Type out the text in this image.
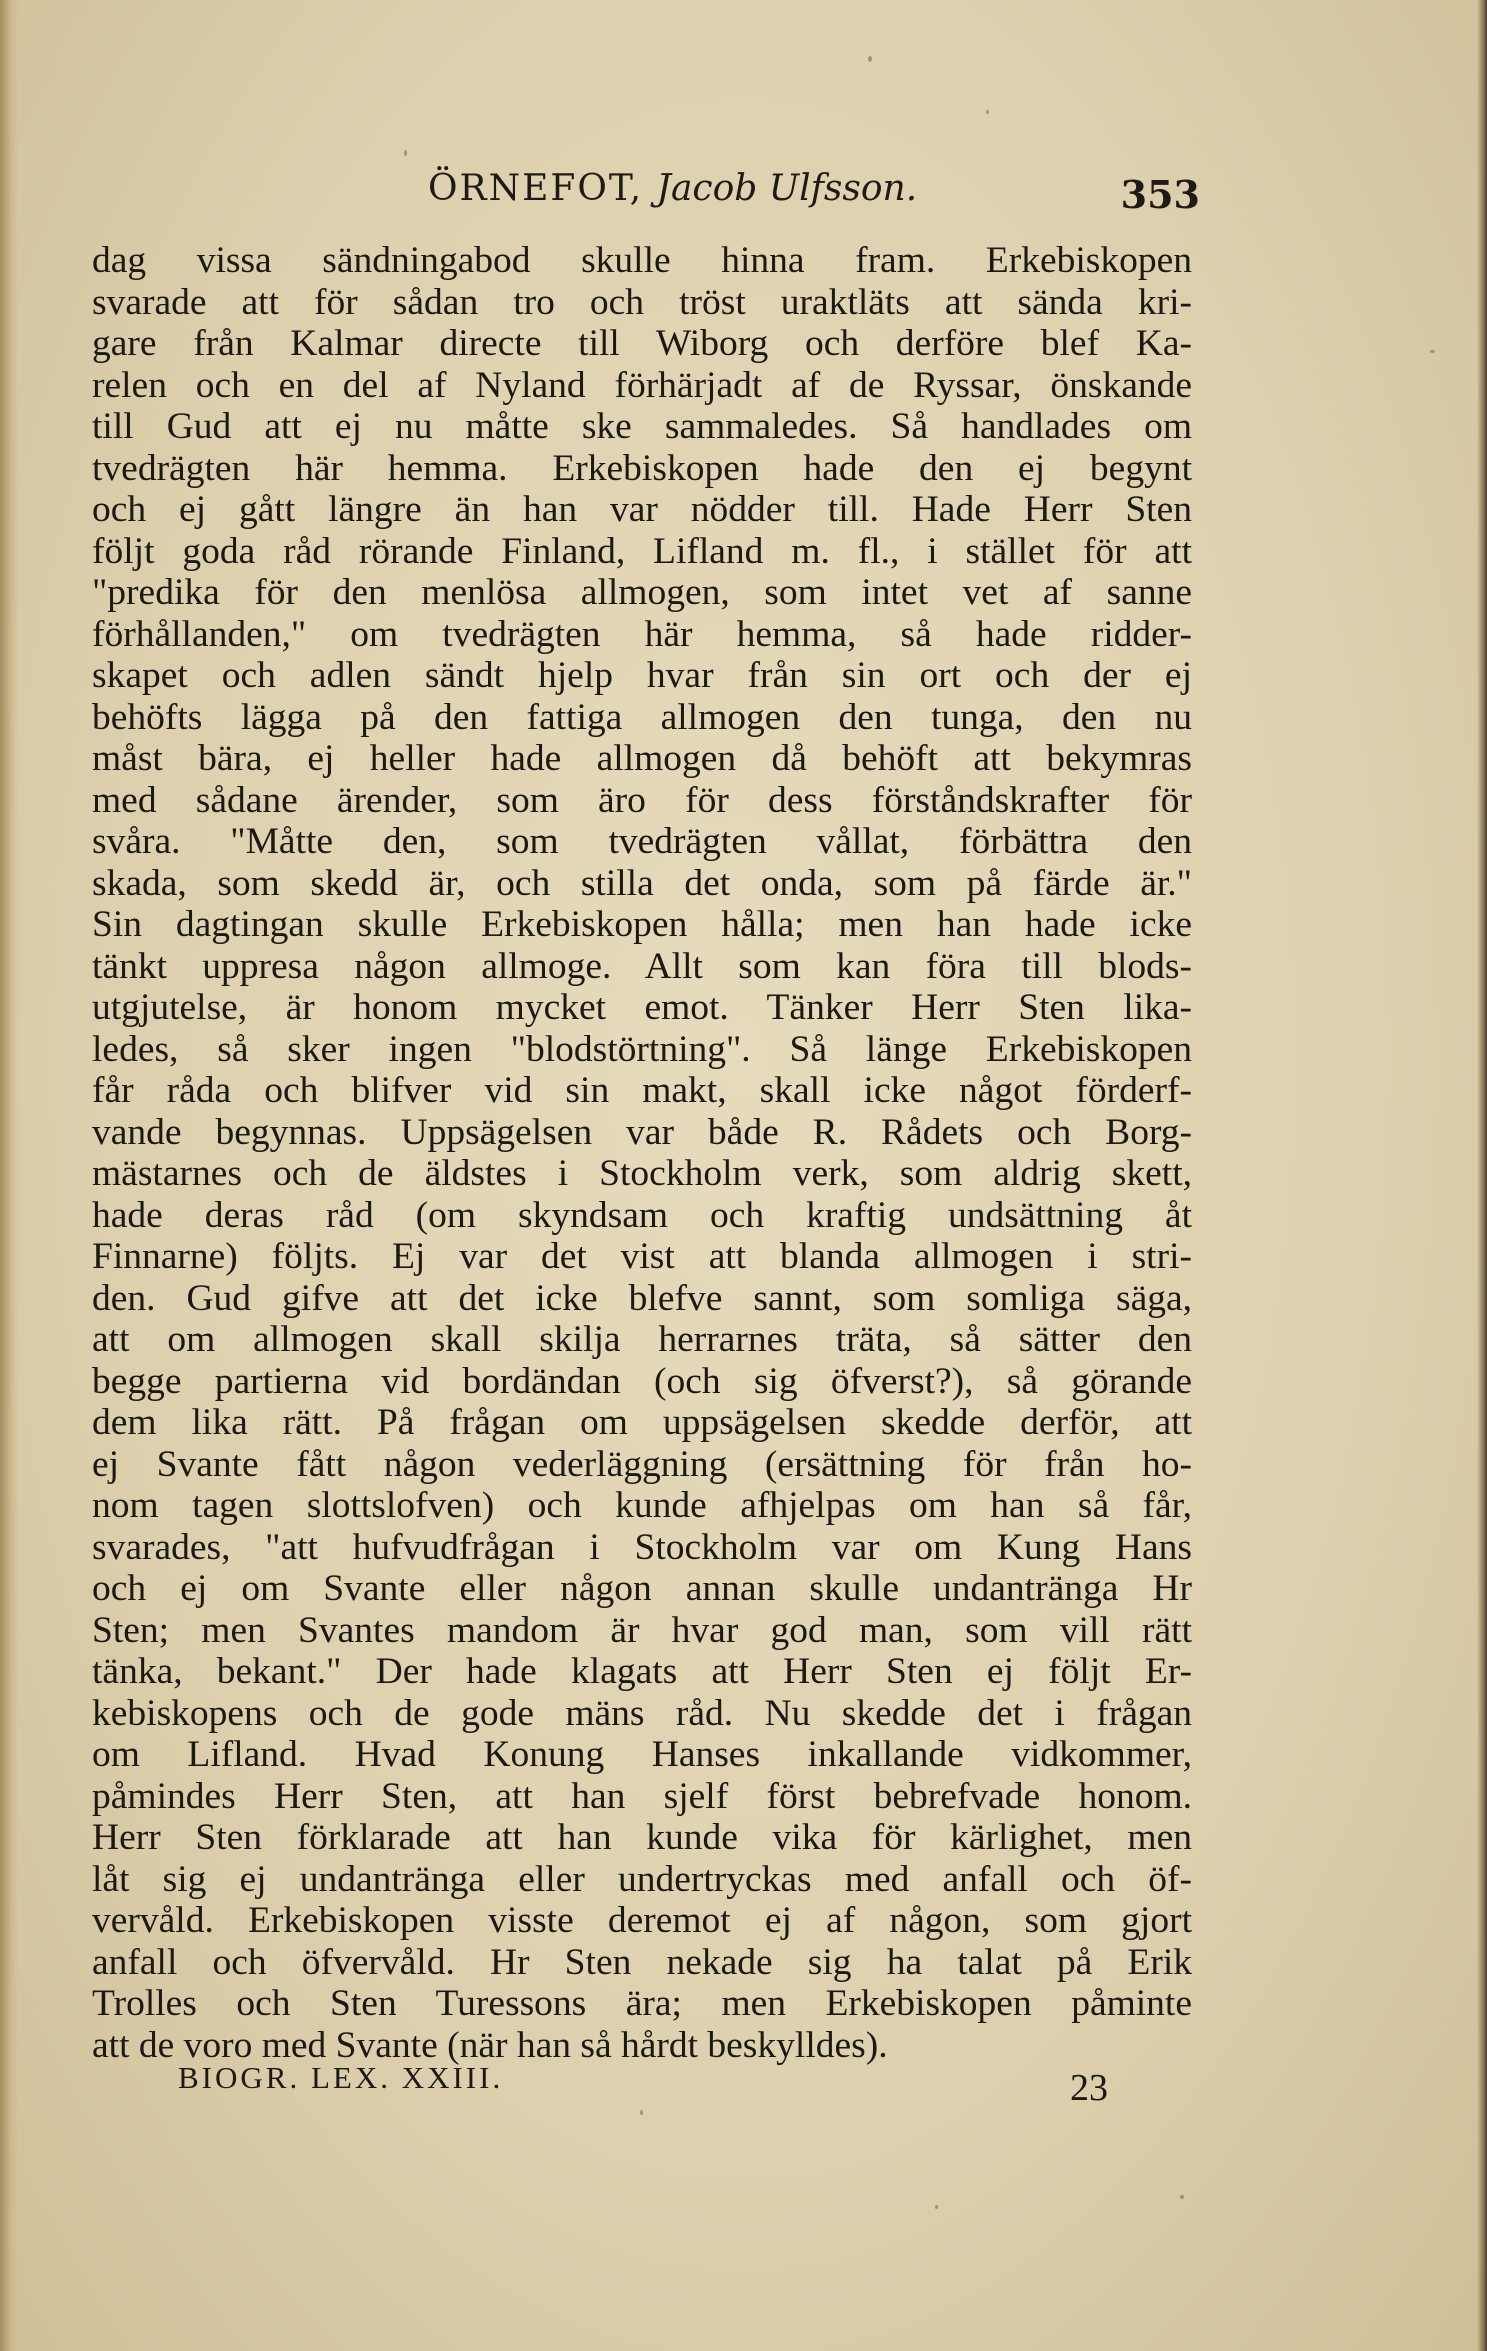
ÖRNEFOT, Jacob Ulfsson.	353
dag vissa sändningabod skulle hinna fram. Erkebiskopen
svarade att för sådan tro och tröst uraktläts att sända kri-
gare från Kalmar directe till Wiborg och derföre blef Ka-
relen och en del af Nyland förhärjadt af de Ryssar, önskande
till Gud att ej nu måtte ske sammaledes. Så handlades om
tvedrägten här hemma. Erkebiskopen hade den ej begynt
och ej gått längre än han var nödder till. Hade Herr Sten
följt goda råd rörande Finland, Lifland m. fl., i stället för att
"predika för den menlösa allmogen, som intet vet af sanne
förhållanden," om tvedrägten här hemma, så hade ridder-
skapet och adlen sändt hjelp hvar från sin ort och der ej
behöfts lägga på den fattiga allmogen den tunga, den nu
måst bära, ej heller hade allmogen då behöft att bekymras
med sådane ärender, som äro för dess förståndskrafter för
svåra. "Måtte den, som tvedrägten vållat, förbättra den
skada, som skedd är, och stilla det onda, som på färde är."
Sin dagtingan skulle Erkebiskopen hålla; men han hade icke
tänkt uppresa någon allmoge. Allt som kan föra till blods-
utgjutelse, är honom mycket emot. Tänker Herr Sten lika-
ledes, så sker ingen "blodstörtning". Så länge Erkebiskopen
får råda och blifver vid sin makt, skall icke något förderf-
vande begynnas. Uppsägelsen var både R. Rådets och Borg-
mästarnes och de äldstes i Stockholm verk, som aldrig skett,
hade deras råd (om skyndsam och kraftig undsättning åt
Finnarne) följts. Ej var det vist att blanda allmogen i stri-
den. Gud gifve att det icke blefve sannt, som somliga säga,
att om allmogen skall skilja herrarnes träta, så sätter den
begge partierna vid bordändan (och sig öfverst?), så görande
dem lika rätt. På frågan om uppsägelsen skedde derför, att
ej Svante fått någon vederläggning (ersättning för från ho-
nom tagen slottslofven) och kunde afhjelpas om han så får,
svarades, "att hufvudfrågan i Stockholm var om Kung Hans
och ej om Svante eller någon annan skulle undantränga Hr
Sten; men Svantes mandom är hvar god man, som vill rätt
tänka, bekant." Der hade klagats att Herr Sten ej följt Er-
kebiskopens och de gode mäns råd. Nu skedde det i frågan
om Lifland. Hvad Konung Hanses inkallande vidkommer,
påmindes Herr Sten, att han sjelf först bebrefvade honom.
Herr Sten förklarade att han kunde vika för kärlighet, men
låt sig ej undantränga eller undertryckas med anfall och öf-
vervåld. Erkebiskopen visste deremot ej af någon, som gjort
anfall och öfvervåld. Hr Sten nekade sig ha talat på Erik
Trolles och Sten Turessons ära; men Erkebiskopen påminte
att de voro med Svante (när han så hårdt beskylldes).
BIOGR. LEX. XXIII.	23
